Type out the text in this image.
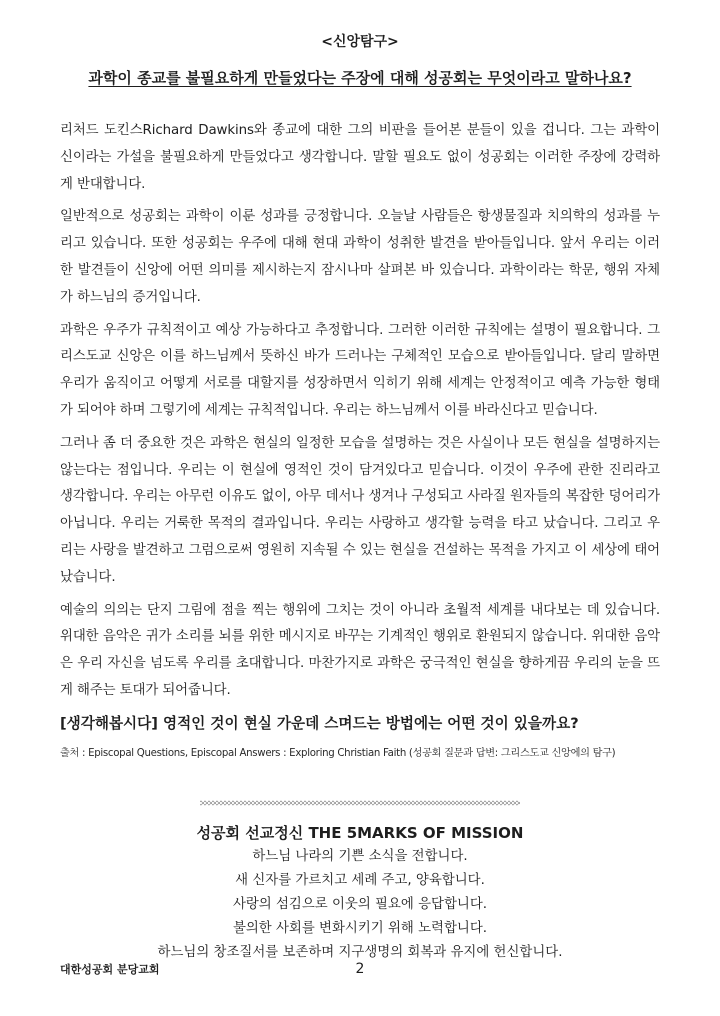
<신앙탐구>
과학이 종교를 불필요하게 만들었다는 주장에 대해 성공회는 무엇이라고 말하나요?

리처드 도킨스Richard Dawkins와 종교에 대한 그의 비판을 들어본 분들이 있을 겁니다. 그는 과학이 신이라는 가설을 불필요하게 만들었다고 생각합니다. 말할 필요도 없이 성공회는 이러한 주장에 강력하게 반대합니다.

일반적으로 성공회는 과학이 이룬 성과를 긍정합니다. 오늘날 사람들은 항생물질과 치의학의 성과를 누리고 있습니다. 또한 성공회는 우주에 대해 현대 과학이 성취한 발견을 받아들입니다. 앞서 우리는 이러한 발견들이 신앙에 어떤 의미를 제시하는지 잠시나마 살펴본 바 있습니다. 과학이라는 학문, 행위 자체가 하느님의 증거입니다.

과학은 우주가 규칙적이고 예상 가능하다고 추정합니다. 그러한 이러한 규칙에는 설명이 필요합니다. 그리스도교 신앙은 이를 하느님께서 뜻하신 바가 드러나는 구체적인 모습으로 받아들입니다. 달리 말하면 우리가 움직이고 어떻게 서로를 대할지를 성장하면서 익히기 위해 세계는 안정적이고 예측 가능한 형태가 되어야 하며 그렇기에 세계는 규칙적입니다. 우리는 하느님께서 이를 바라신다고 믿습니다.

그러나 좀 더 중요한 것은 과학은 현실의 일정한 모습을 설명하는 것은 사실이나 모든 현실을 설명하지는 않는다는 점입니다. 우리는 이 현실에 영적인 것이 담겨있다고 믿습니다. 이것이 우주에 관한 진리라고 생각합니다. 우리는 아무런 이유도 없이, 아무 데서나 생겨나 구성되고 사라질 원자들의 복잡한 덩어리가 아닙니다. 우리는 거룩한 목적의 결과입니다. 우리는 사랑하고 생각할 능력을 타고 났습니다. 그리고 우리는 사랑을 발견하고 그럼으로써 영원히 지속될 수 있는 현실을 건설하는 목적을 가지고 이 세상에 태어났습니다.

예술의 의의는 단지 그림에 점을 찍는 행위에 그치는 것이 아니라 초월적 세계를 내다보는 데 있습니다. 위대한 음악은 귀가 소리를 뇌를 위한 메시지로 바꾸는 기계적인 행위로 환원되지 않습니다. 위대한 음악은 우리 자신을 넘도록 우리를 초대합니다. 마찬가지로 과학은 궁극적인 현실을 향하게끔 우리의 눈을 뜨게 해주는 토대가 되어줍니다.

[생각해봅시다] 영적인 것이 현실 가운데 스며드는 방법에는 어떤 것이 있을까요?
출처 : Episcopal Questions, Episcopal Answers : Exploring Christian Faith (성공회 질문과 답변: 그리스도교 신앙에의 탐구)
성공회 선교정신 THE 5MARKS OF MISSION
하느님 나라의 기쁜 소식을 전합니다.
새 신자를 가르치고 세례 주고, 양육합니다.
사랑의 섬김으로 이웃의 필요에 응답합니다.
불의한 사회를 변화시키기 위해 노력합니다.
하느님의 창조질서를 보존하며 지구생명의 회복과 유지에 헌신합니다.
대한성공회 분당교회	2
